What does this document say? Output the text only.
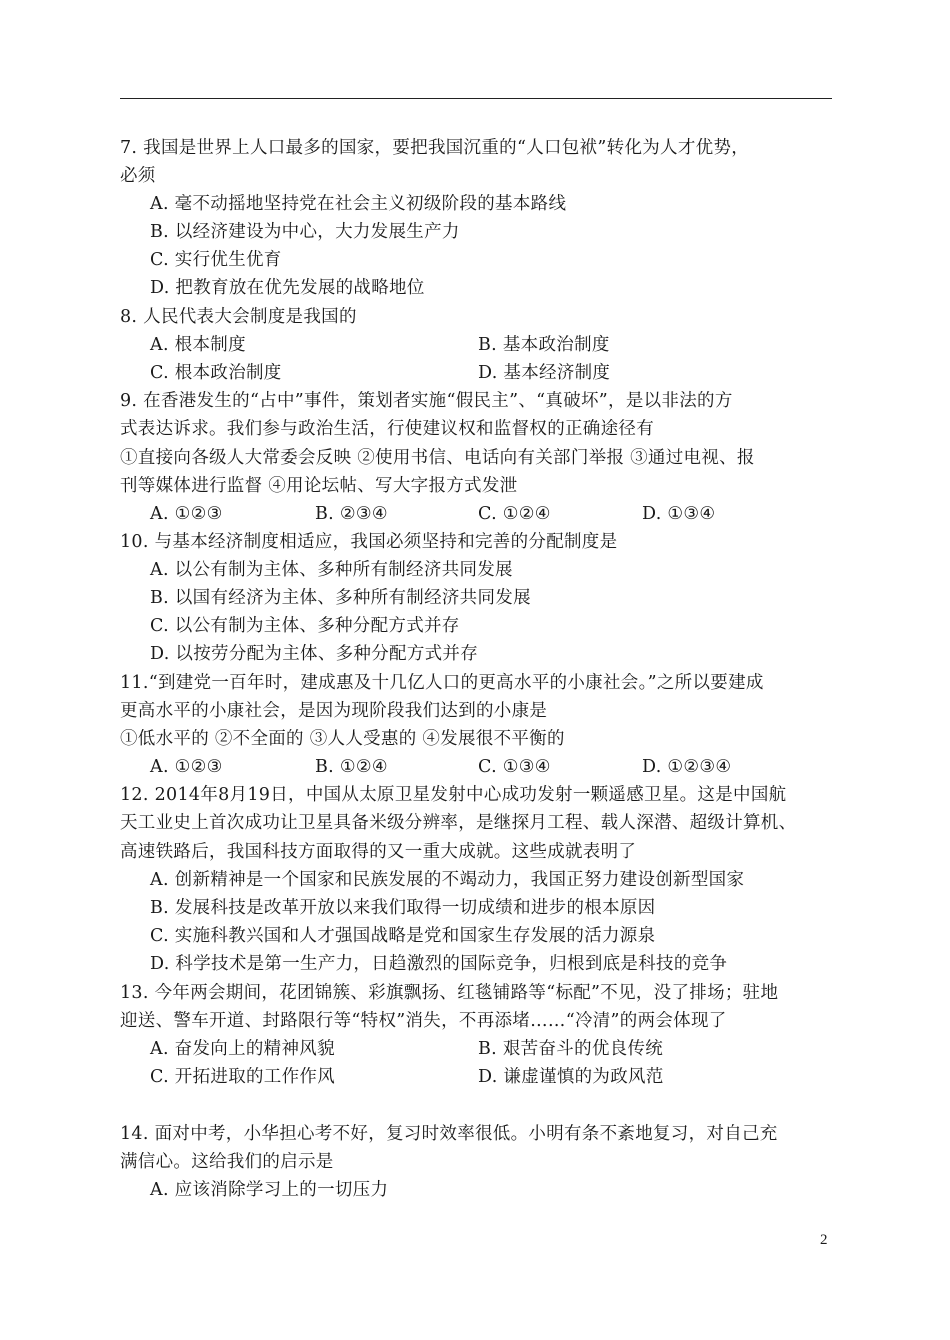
7. 我国是世界上人口最多的国家，要把我国沉重的“人口包袱”转化为人才优势，
必须
A. 毫不动摇地坚持党在社会主义初级阶段的基本路线
B. 以经济建设为中心，大力发展生产力
C. 实行优生优育
D. 把教育放在优先发展的战略地位
8. 人民代表大会制度是我国的
A. 根本制度	B. 基本政治制度
C. 根本政治制度	D. 基本经济制度
9. 在香港发生的“占中”事件，策划者实施“假民主”、“真破坏”，是以非法的方
式表达诉求。我们参与政治生活，行使建议权和监督权的正确途径有
①直接向各级人大常委会反映 ②使用书信、电话向有关部门举报 ③通过电视、报
刊等媒体进行监督 ④用论坛帖、写大字报方式发泄
A. ①②③	B. ②③④	C. ①②④	D. ①③④
10. 与基本经济制度相适应，我国必须坚持和完善的分配制度是
A. 以公有制为主体、多种所有制经济共同发展
B. 以国有经济为主体、多种所有制经济共同发展
C. 以公有制为主体、多种分配方式并存
D. 以按劳分配为主体、多种分配方式并存
11.“到建党一百年时，建成惠及十几亿人口的更高水平的小康社会。”之所以要建成
更高水平的小康社会，是因为现阶段我们达到的小康是
①低水平的 ②不全面的 ③人人受惠的 ④发展很不平衡的
A. ①②③	B. ①②④	C. ①③④	D. ①②③④
12. 2014年8月19日，中国从太原卫星发射中心成功发射一颗遥感卫星。这是中国航
天工业史上首次成功让卫星具备米级分辨率，是继探月工程、载人深潜、超级计算机、
高速铁路后，我国科技方面取得的又一重大成就。这些成就表明了
A. 创新精神是一个国家和民族发展的不竭动力，我国正努力建设创新型国家
B. 发展科技是改革开放以来我们取得一切成绩和进步的根本原因
C. 实施科教兴国和人才强国战略是党和国家生存发展的活力源泉
D. 科学技术是第一生产力，日趋激烈的国际竞争，归根到底是科技的竞争
13. 今年两会期间，花团锦簇、彩旗飘扬、红毯铺路等“标配”不见，没了排场；驻地
迎送、警车开道、封路限行等“特权”消失，不再添堵……“冷清”的两会体现了
A. 奋发向上的精神风貌	B. 艰苦奋斗的优良传统
C. 开拓进取的工作作风	D. 谦虚谨慎的为政风范
14. 面对中考，小华担心考不好，复习时效率很低。小明有条不紊地复习，对自己充
满信心。这给我们的启示是
A. 应该消除学习上的一切压力
2
